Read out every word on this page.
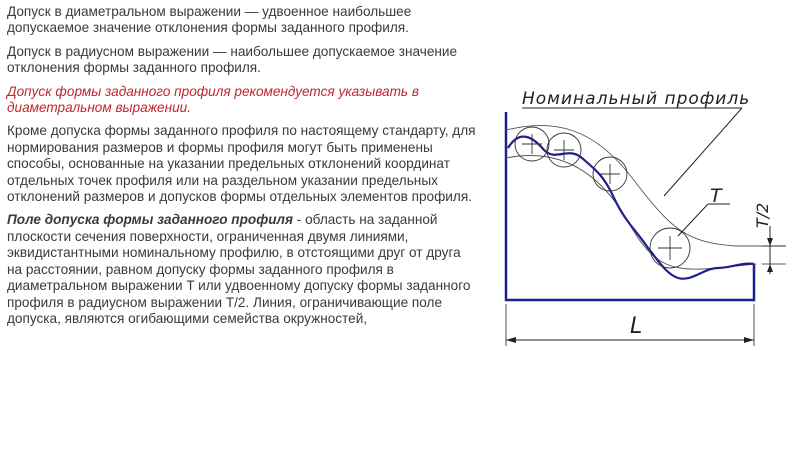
Допуск в диаметральном выражении — удвоенное наибольшее допускаемое значение отклонения формы заданного профиля.

Допуск в радиусном выражении — наибольшее допускаемое значение отклонения формы заданного профиля.

Допуск формы заданного профиля рекомендуется указывать в диаметральном выражении.

Кроме допуска формы заданного профиля по настоящему стандарту, для нормирования размеров и формы профиля могут быть применены способы, основанные на указании предельных отклонений координат отдельных точек профиля или на раздельном указании предельных отклонений размеров и допусков формы отдельных элементов профиля.

Поле допуска формы заданного профиля - область на заданной плоскости сечения поверхности, ограниченная двумя линиями, эквидистантными номинальному профилю, в отстоящими друг от друга на расстоянии, равном допуску формы заданного профиля в диаметральном выражении T или удвоенному допуску формы заданного профиля в радиусном выражении T/2. Линия, ограничивающие поле допуска, являются огибающими семейства окружностей,

Номинальный профиль
T
T/2
L
